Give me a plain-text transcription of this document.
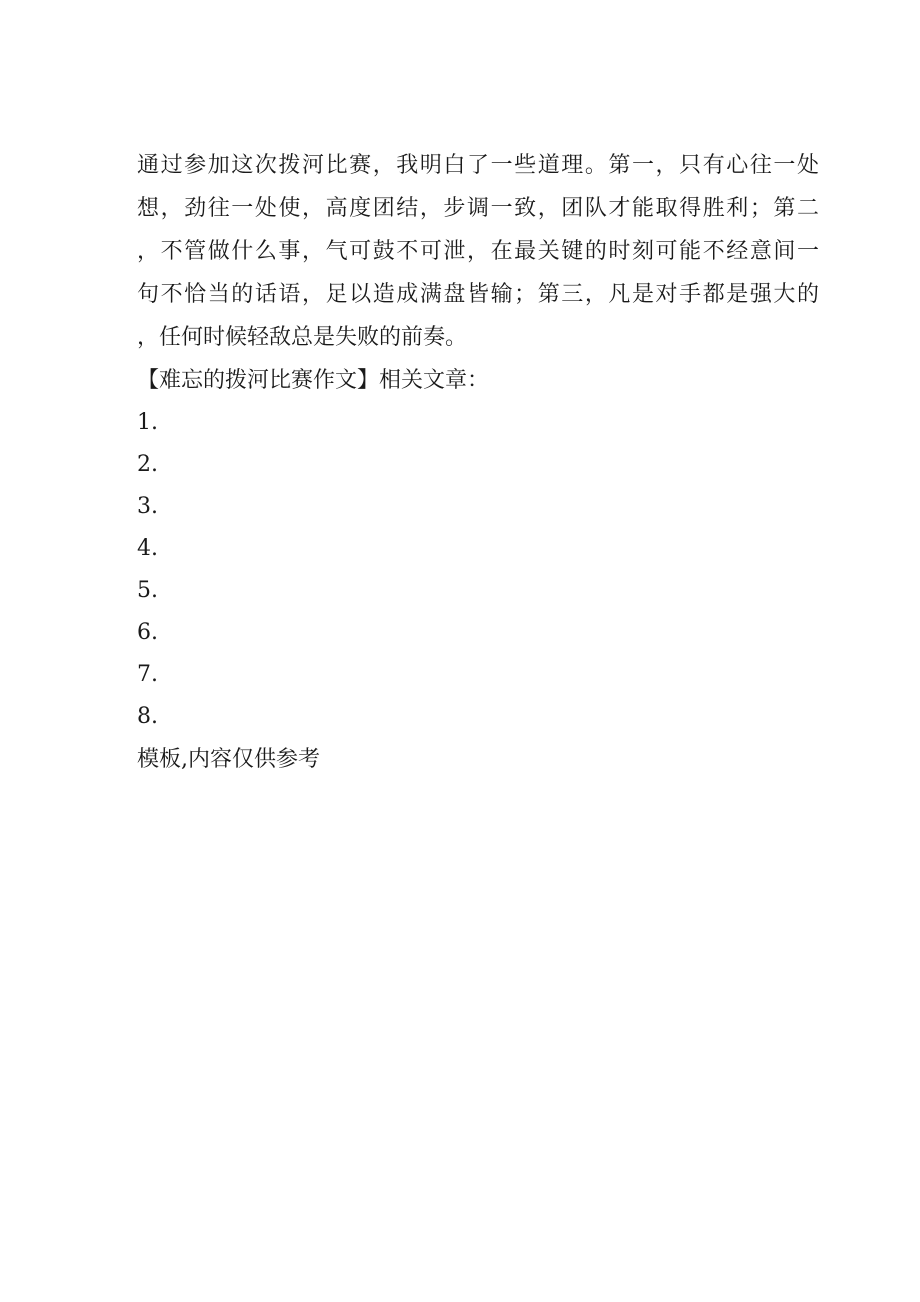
通过参加这次拨河比赛，我明白了一些道理。第一，只有心往一处
想，劲往一处使，高度团结，步调一致，团队才能取得胜利；第二
，不管做什么事，气可鼓不可泄，在最关键的时刻可能不经意间一
句不恰当的话语，足以造成满盘皆输；第三，凡是对手都是强大的
，任何时候轻敌总是失败的前奏。
【难忘的拨河比赛作文】相关文章：
1.
2.
3.
4.
5.
6.
7.
8.
模板,内容仅供参考
